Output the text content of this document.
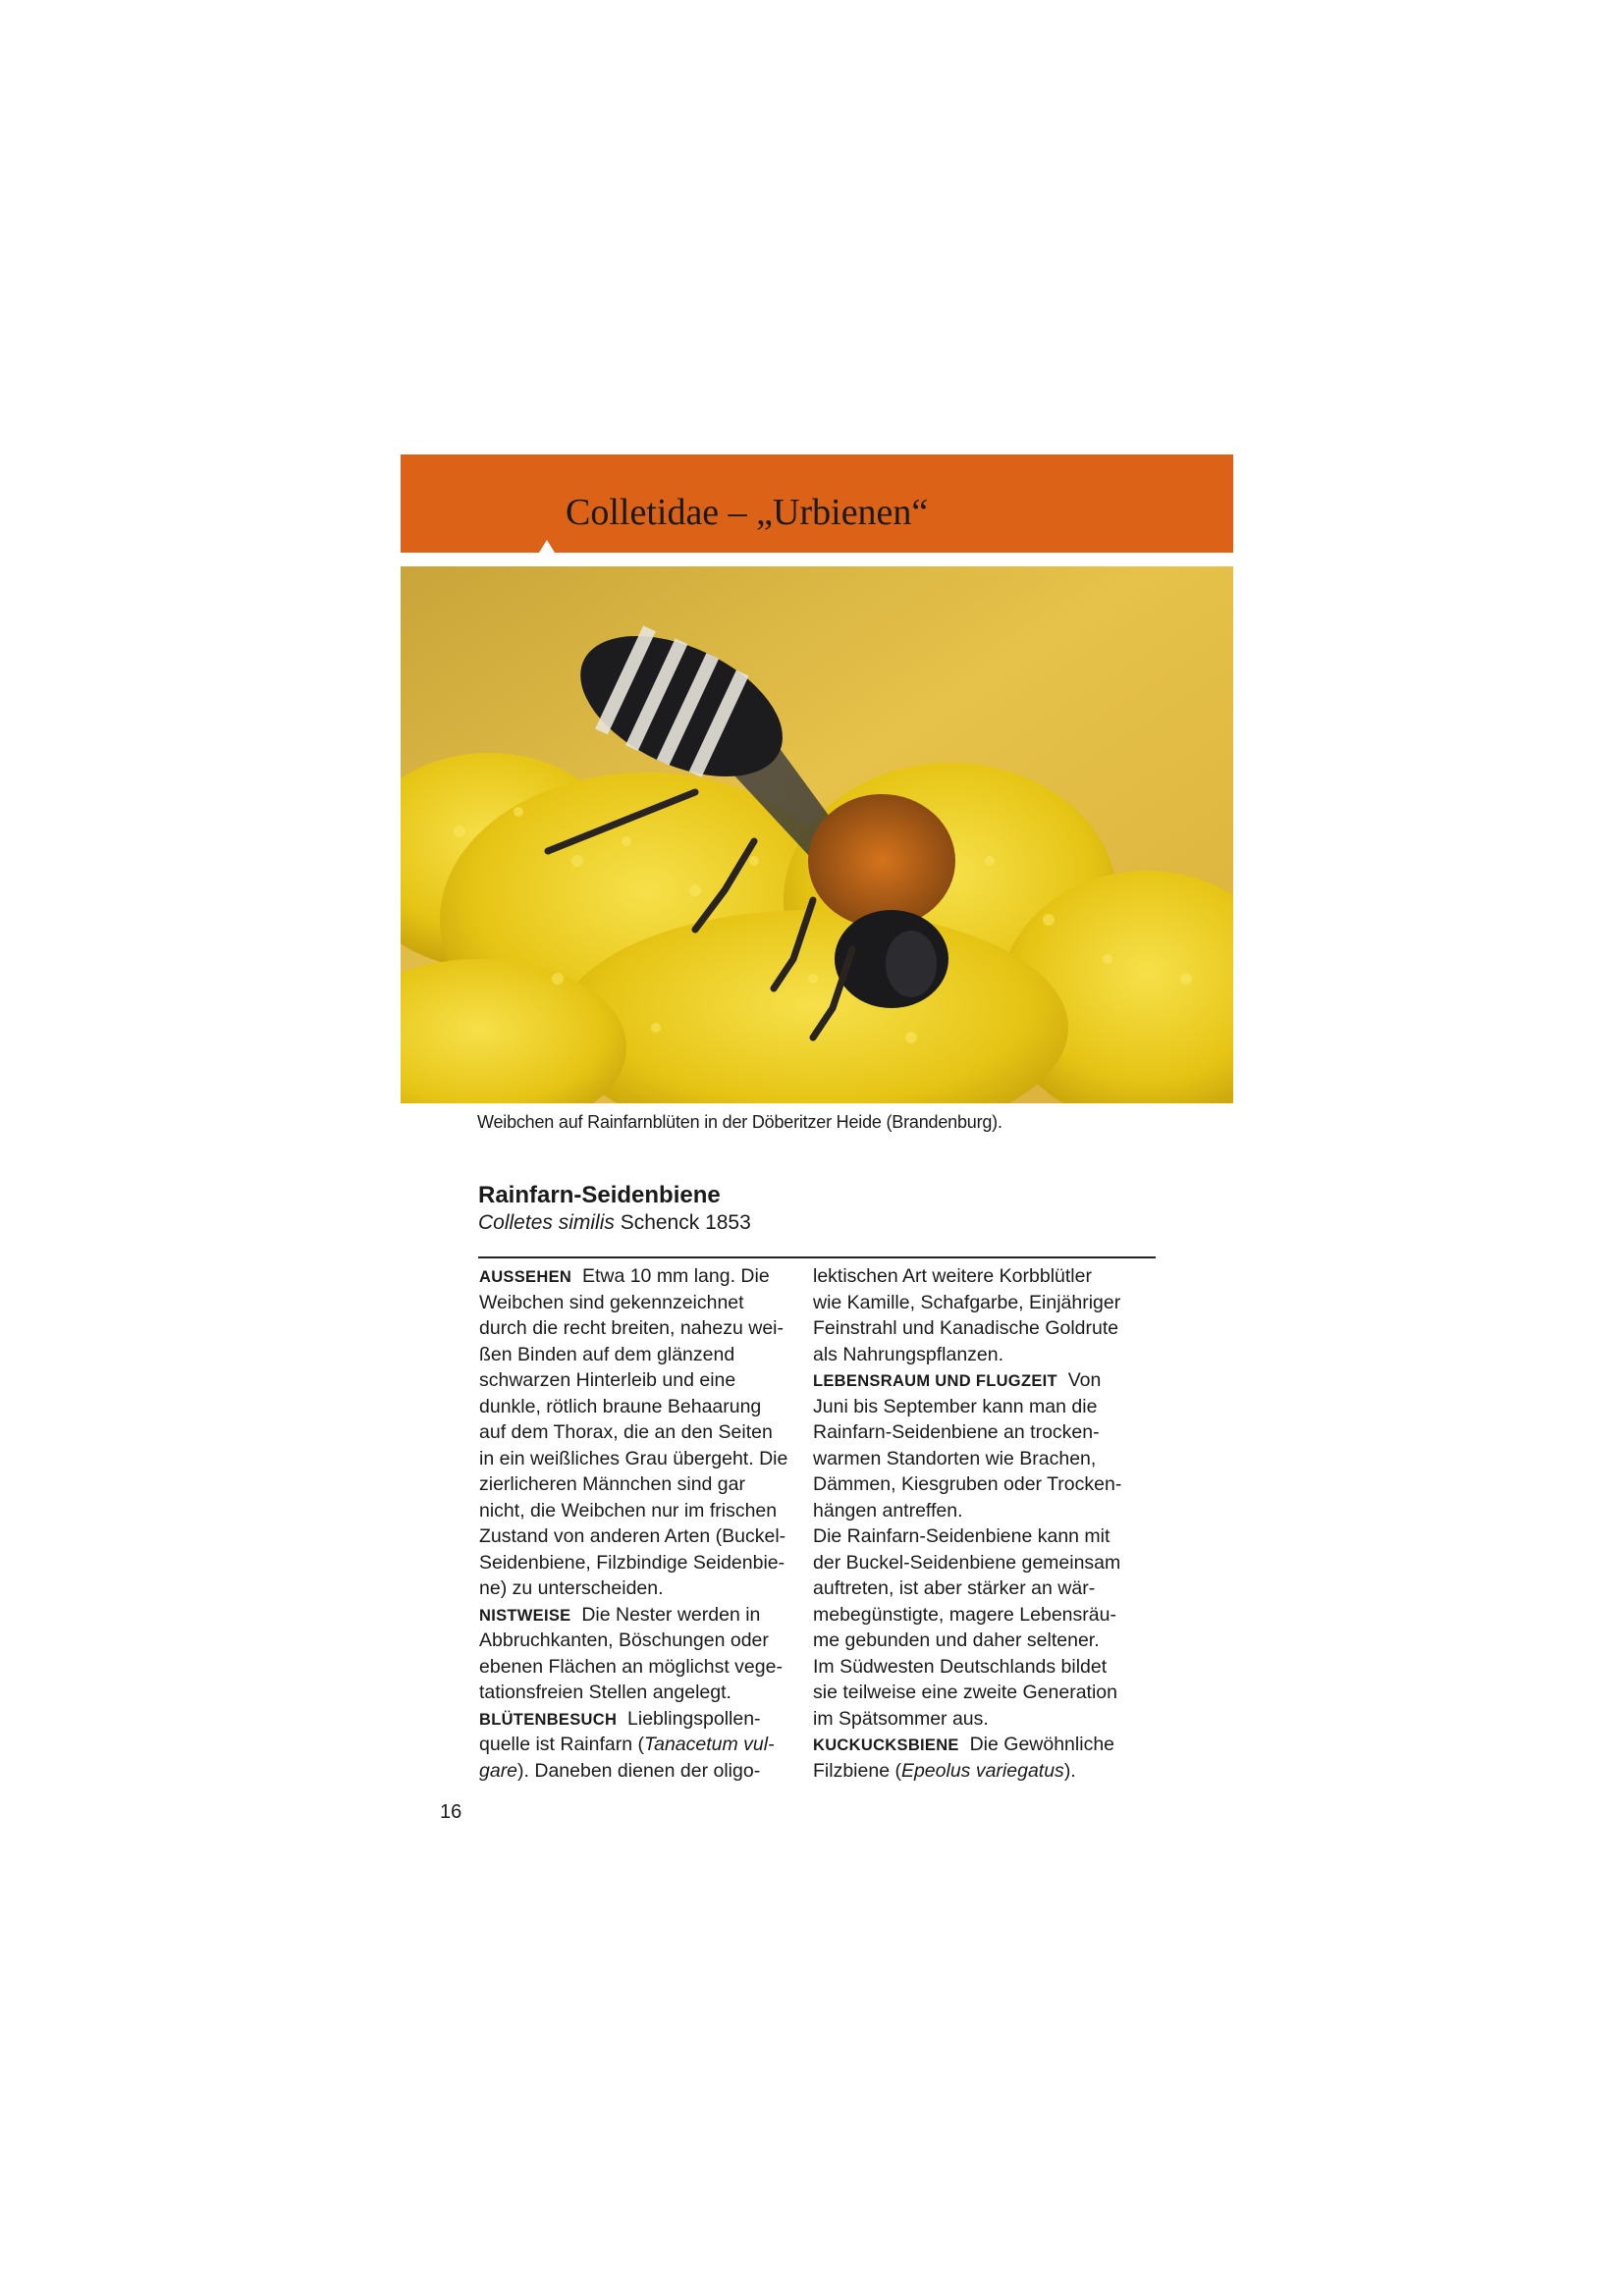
Colletidae – „Urbienen“

Weibchen auf Rainfarnblüten in der Döberitzer Heide (Brandenburg).

Rainfarn-Seidenbiene

Colletes similis Schenck 1853

AUSSEHEN Etwa 10 mm lang. Die
Weibchen sind gekennzeichnet
durch die recht breiten, nahezu wei-
ßen Binden auf dem glänzend
schwarzen Hinterleib und eine
dunkle, rötlich braune Behaarung
auf dem Thorax, die an den Seiten
in ein weißliches Grau übergeht. Die
zierlicheren Männchen sind gar
nicht, die Weibchen nur im frischen
Zustand von anderen Arten (Buckel-
Seidenbiene, Filzbindige Seidenbie-
ne) zu unterscheiden.
NISTWEISE Die Nester werden in
Abbruchkanten, Böschungen oder
ebenen Flächen an möglichst vege-
tationsfreien Stellen angelegt.
BLÜTENBESUCH Lieblingspollen-
quelle ist Rainfarn (Tanacetum vul-
gare). Daneben dienen der oligo-
lektischen Art weitere Korbblütler
wie Kamille, Schafgarbe, Einjähriger
Feinstrahl und Kanadische Goldrute
als Nahrungspflanzen.
LEBENSRAUM UND FLUGZEIT Von
Juni bis September kann man die
Rainfarn-Seidenbiene an trocken-
warmen Standorten wie Brachen,
Dämmen, Kiesgruben oder Trocken-
hängen antreffen.
Die Rainfarn-Seidenbiene kann mit
der Buckel-Seidenbiene gemeinsam
auftreten, ist aber stärker an wär-
mebegünstigte, magere Lebensräu-
me gebunden und daher seltener.
Im Südwesten Deutschlands bildet
sie teilweise eine zweite Generation
im Spätsommer aus.
KUCKUCKSBIENE Die Gewöhnliche
Filzbiene (Epeolus variegatus).

16
